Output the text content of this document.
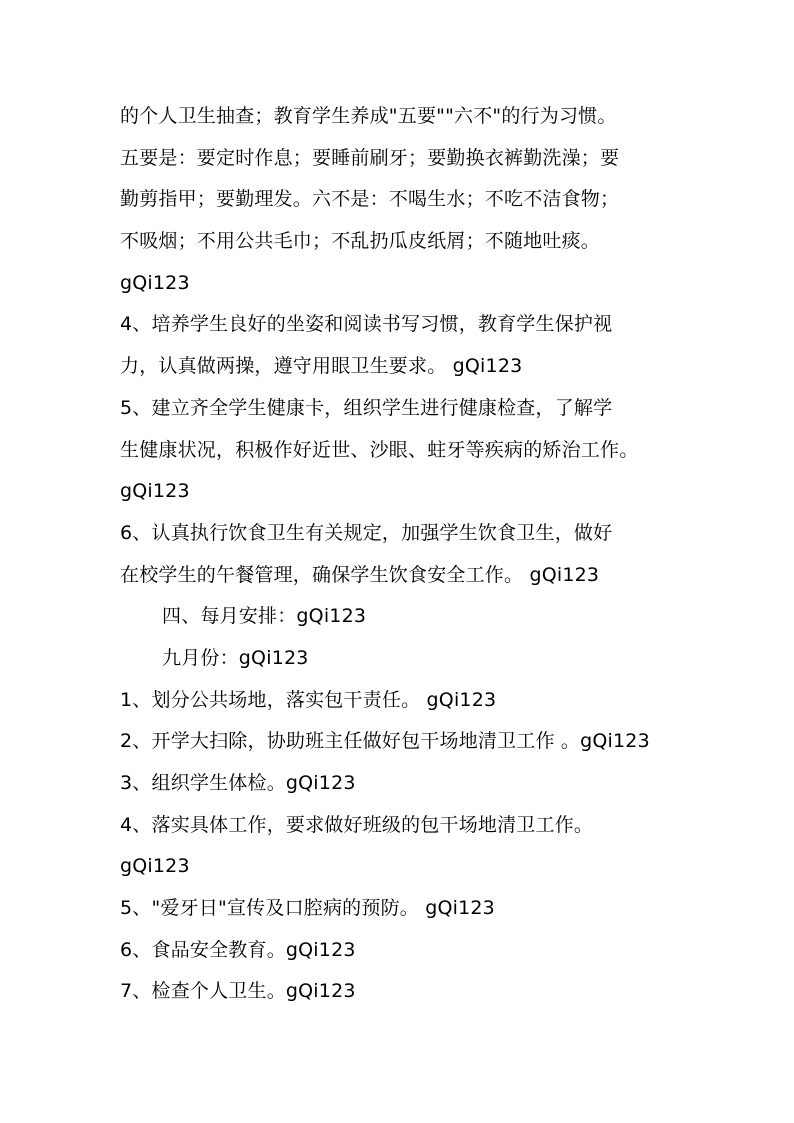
的个人卫生抽查；教育学生养成"五要""六不"的行为习惯。
五要是：要定时作息；要睡前刷牙；要勤换衣裤勤洗澡；要
勤剪指甲；要勤理发。六不是：不喝生水；不吃不洁食物；
不吸烟；不用公共毛巾；不乱扔瓜皮纸屑；不随地吐痰。
gQi123
4、培养学生良好的坐姿和阅读书写习惯，教育学生保护视
力，认真做两操，遵守用眼卫生要求。 gQi123
5、建立齐全学生健康卡，组织学生进行健康检查，了解学
生健康状况，积极作好近世、沙眼、蛀牙等疾病的矫治工作。
gQi123
6、认真执行饮食卫生有关规定，加强学生饮食卫生，做好
在校学生的午餐管理，确保学生饮食安全工作。 gQi123
四、每月安排：gQi123
九月份：gQi123
1、划分公共场地，落实包干责任。 gQi123
2、开学大扫除，协助班主任做好包干场地清卫工作 。gQi123
3、组织学生体检。gQi123
4、落实具体工作，要求做好班级的包干场地清卫工作。
gQi123
5、"爱牙日"宣传及口腔病的预防。 gQi123
6、食品安全教育。gQi123
7、检查个人卫生。gQi123
